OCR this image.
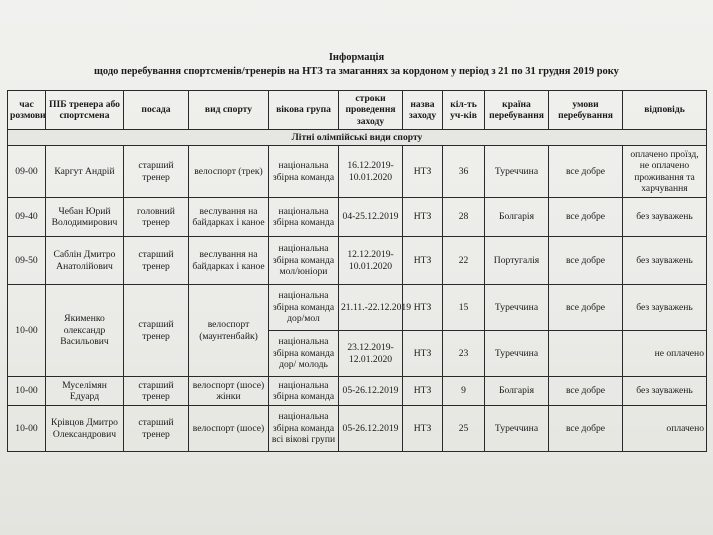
Інформація
щодо перебування спортсменів/тренерів на НТЗ та змаганнях за кордоном у період з 21 по 31 грудня 2019 року
час розмови	ПІБ тренера або спортсмена	посада	вид спорту	вікова група	строки проведення заходу	назва заходу	кіл-ть уч-ків	країна перебування	умови перебування	відповідь
Літні олімпійські види спорту										
09-00	Каргут Андрій	старший тренер	велоспорт (трек)	національна збірна команда	16.12.2019-10.01.2020	НТЗ	36	Туреччина	все добре	оплачено проїзд, не оплачено проживання та харчування
09-40	Чебан Юрий Володимирович	головний тренер	веслування на байдарках і каное	національна збірна команда	04-25.12.2019	НТЗ	28	Болгарія	все добре	без зауважень
09-50	Саблін Дмитро Анатолійович	старший тренер	веслування на байдарках і каное	національна збірна команда мол/юніори	12.12.2019-10.01.2020	НТЗ	22	Португалія	все добре	без зауважень
10-00	Якименко олександр Васильович	старший тренер	велоспорт (маунтенбайк)	національна збірна команда дор/мол	21.11.-22.12.2019	НТЗ	15	Туреччина	все добре	без зауважень
				національна збірна команда дор/ молодь	23.12.2019-12.01.2020	НТЗ	23	Туреччина		не оплачено
10-00	Муселімян Едуард	старший тренер	велоспорт (шосе) жінки	національна збірна команда	05-26.12.2019	НТЗ	9	Болгарія	все добре	без зауважень
10-00	Крівцов Дмитро Олександрович	старший тренер	велоспорт (шосе)	національна збірна команда всі вікові групи	05-26.12.2019	НТЗ	25	Туреччина	все добре	оплачено
